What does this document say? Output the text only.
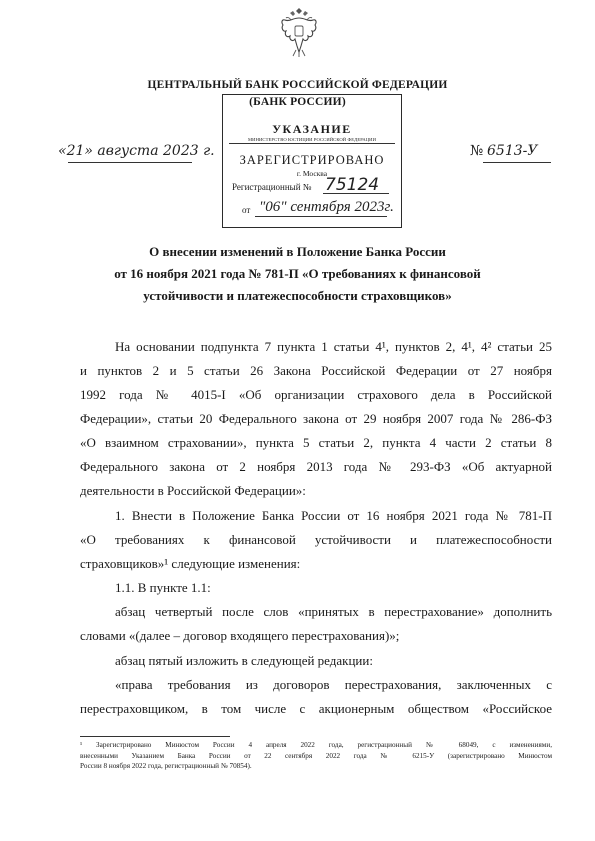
ЦЕНТРАЛЬНЫЙ БАНК РОССИЙСКОЙ ФЕДЕРАЦИИ
(БАНК РОССИИ)
УКАЗАНИЕ
МИНИСТЕРСТВО ЮСТИЦИИ РОССИЙСКОЙ ФЕДЕРАЦИИ
ЗАРЕГИСТРИРОВАНО
г. Москва
Регистрационный № 75124
от "06" сентября 2023г.
«21» августа 2023 г.	№ 6513-У
О внесении изменений в Положение Банка России
от 16 ноября 2021 года № 781-П «О требованиях к финансовой
устойчивости и платежеспособности страховщиков»
На основании подпункта 7 пункта 1 статьи 4¹, пунктов 2, 4¹, 4² статьи 25
и пунктов 2 и 5 статьи 26 Закона Российской Федерации от 27 ноября
1992 года № 4015-I «Об организации страхового дела в Российской
Федерации», статьи 20 Федерального закона от 29 ноября 2007 года № 286-ФЗ
«О взаимном страховании», пункта 5 статьи 2, пункта 4 части 2 статьи 8
Федерального закона от 2 ноября 2013 года № 293-ФЗ «Об актуарной
деятельности в Российской Федерации»:
1. Внести в Положение Банка России от 16 ноября 2021 года № 781-П
«О требованиях к финансовой устойчивости и платежеспособности
страховщиков»¹ следующие изменения:
1.1. В пункте 1.1:
абзац четвертый после слов «принятых в перестрахование» дополнить
словами «(далее – договор входящего перестрахования)»;
абзац пятый изложить в следующей редакции:
«права требования из договоров перестрахования, заключенных с
перестраховщиком, в том числе с акционерным обществом «Российское
¹ Зарегистрировано Минюстом России 4 апреля 2022 года, регистрационный № 68049, с изменениями,
внесенными Указанием Банка России от 22 сентября 2022 года № 6215-У (зарегистрировано Минюстом
России 8 ноября 2022 года, регистрационный № 70854).
